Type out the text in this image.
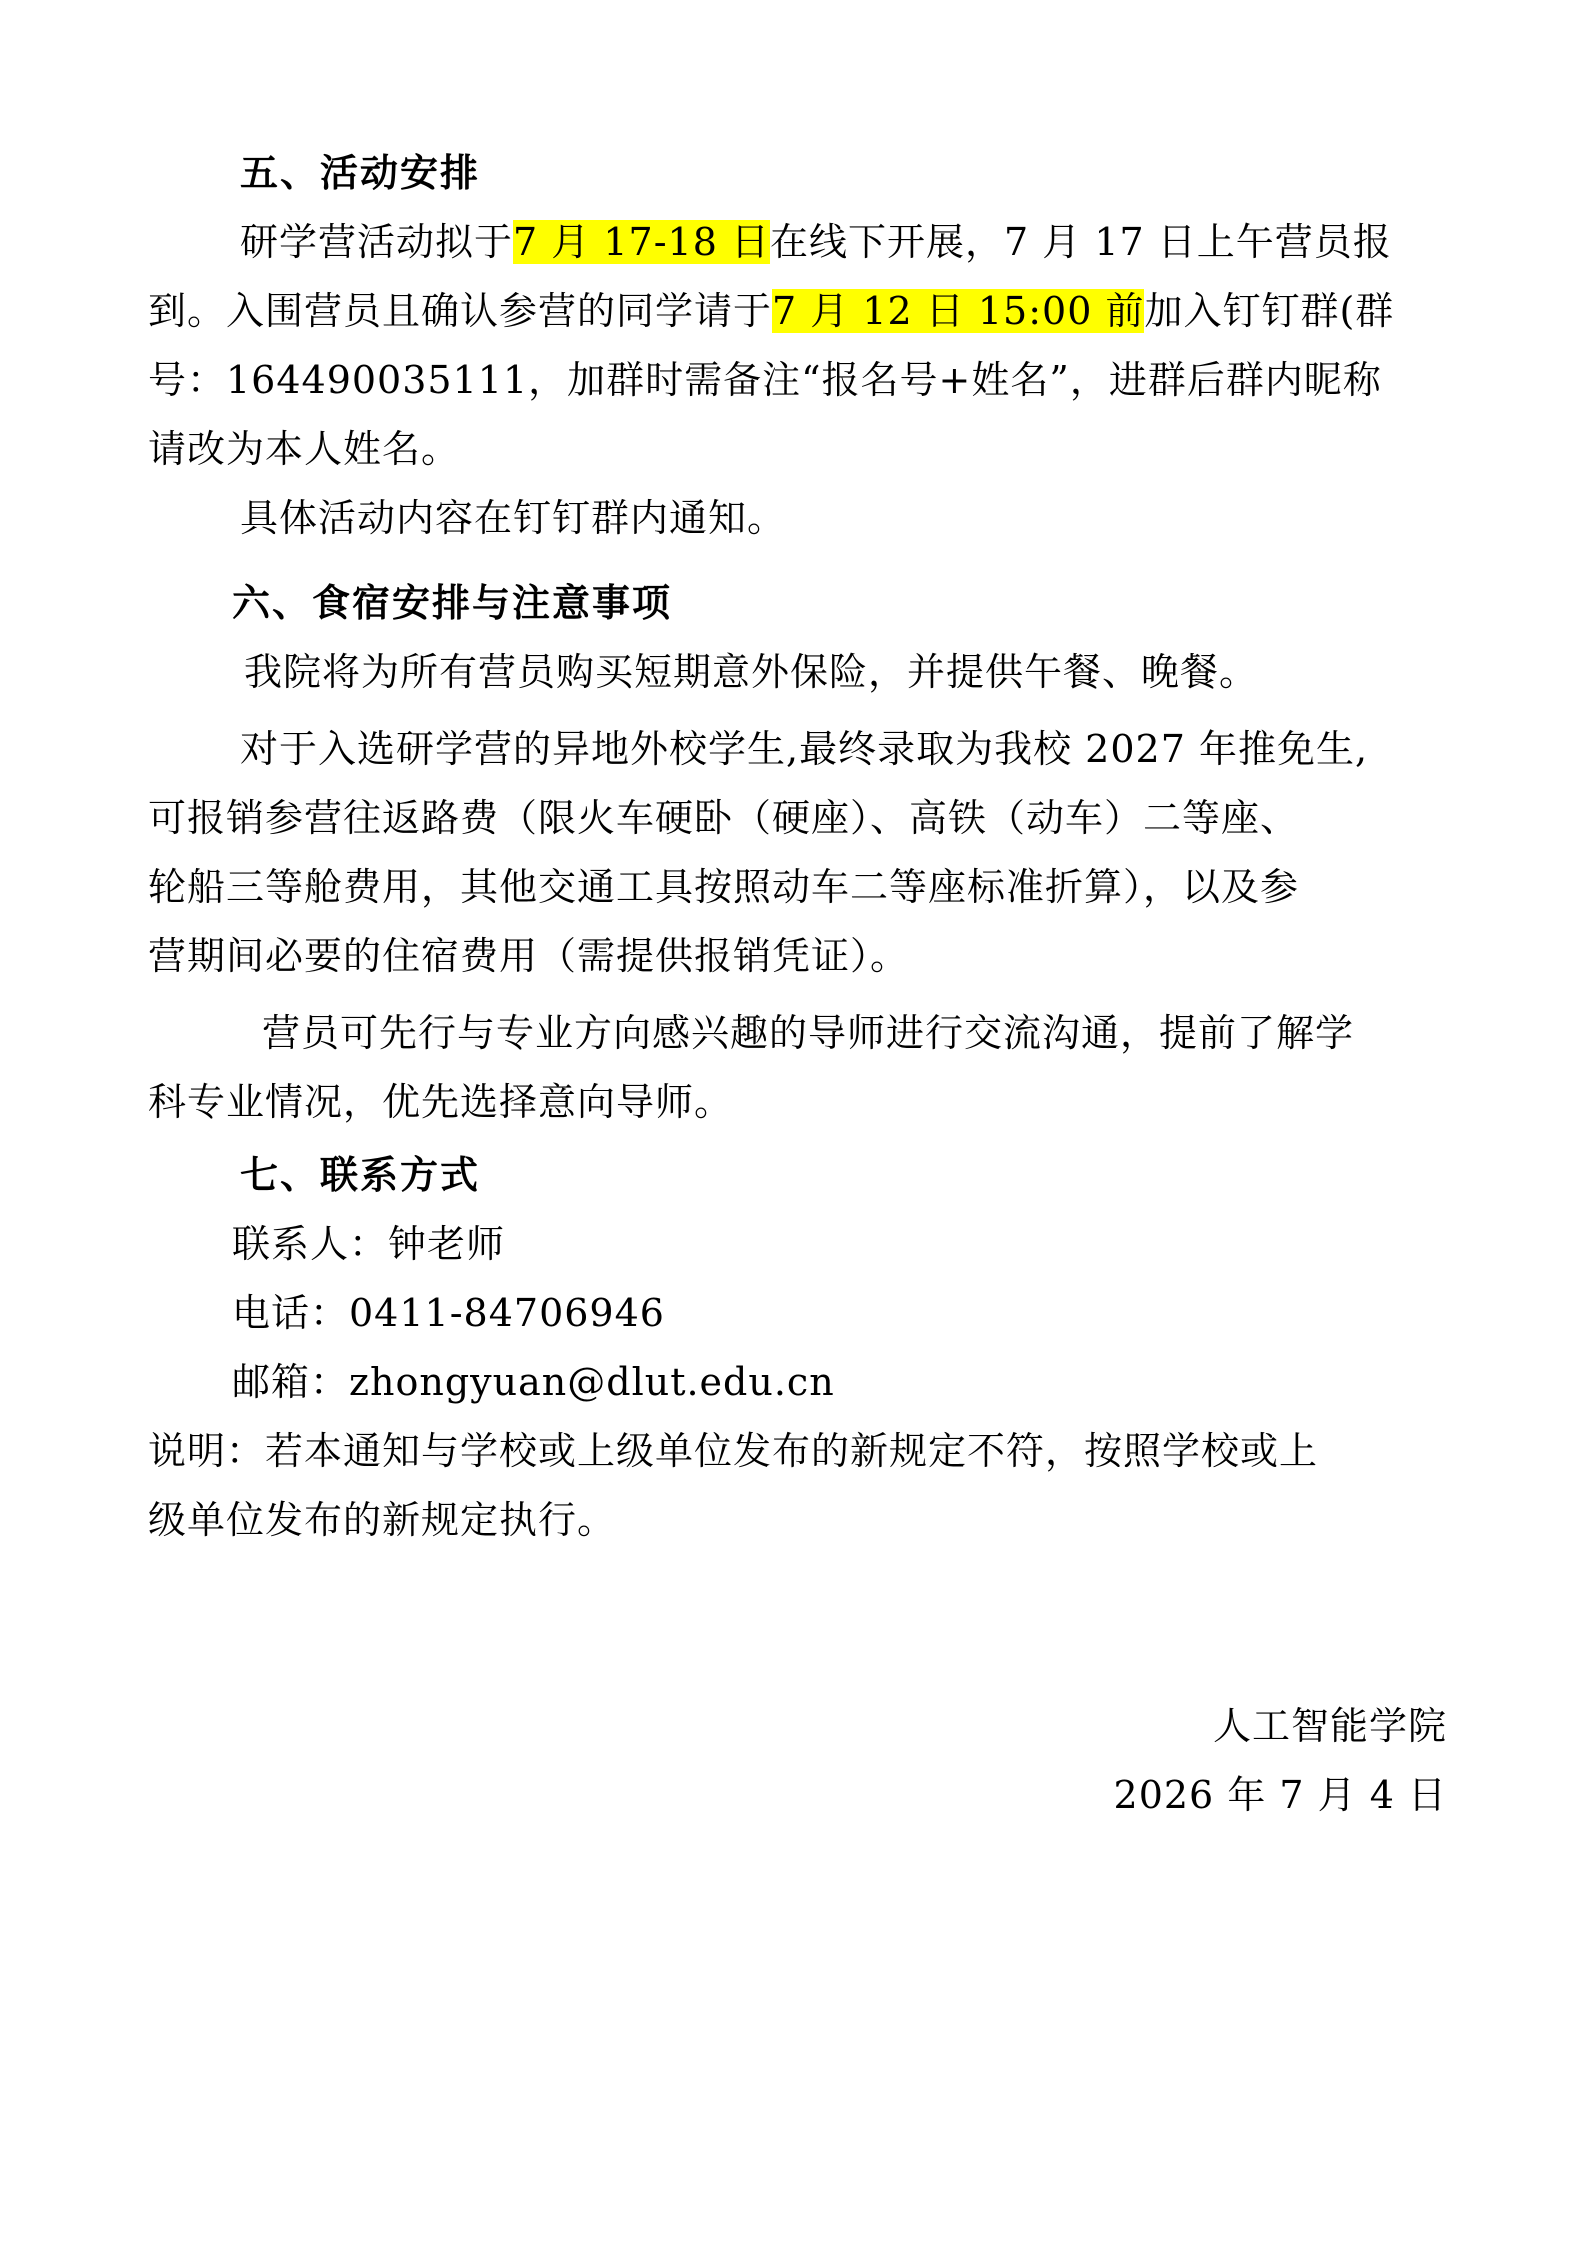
五、活动安排
研学营活动拟于7 月 17-18 日在线下开展，7 月 17 日上午营员报
到。入围营员且确认参营的同学请于7 月 12 日 15:00 前加入钉钉群(群
号：164490035111，加群时需备注“报名号+姓名”，进群后群内昵称
请改为本人姓名。
具体活动内容在钉钉群内通知。
六、食宿安排与注意事项
我院将为所有营员购买短期意外保险，并提供午餐、晚餐。
对于入选研学营的异地外校学生,最终录取为我校 2027 年推免生,
可报销参营往返路费（限火车硬卧（硬座）、高铁（动车）二等座、
轮船三等舱费用，其他交通工具按照动车二等座标准折算），以及参
营期间必要的住宿费用（需提供报销凭证）。
营员可先行与专业方向感兴趣的导师进行交流沟通，提前了解学
科专业情况，优先选择意向导师。
七、联系方式
联系人：钟老师
电话：0411-84706946
邮箱：zhongyuan@dlut.edu.cn
说明：若本通知与学校或上级单位发布的新规定不符，按照学校或上
级单位发布的新规定执行。
人工智能学院
2026 年 7 月 4 日
